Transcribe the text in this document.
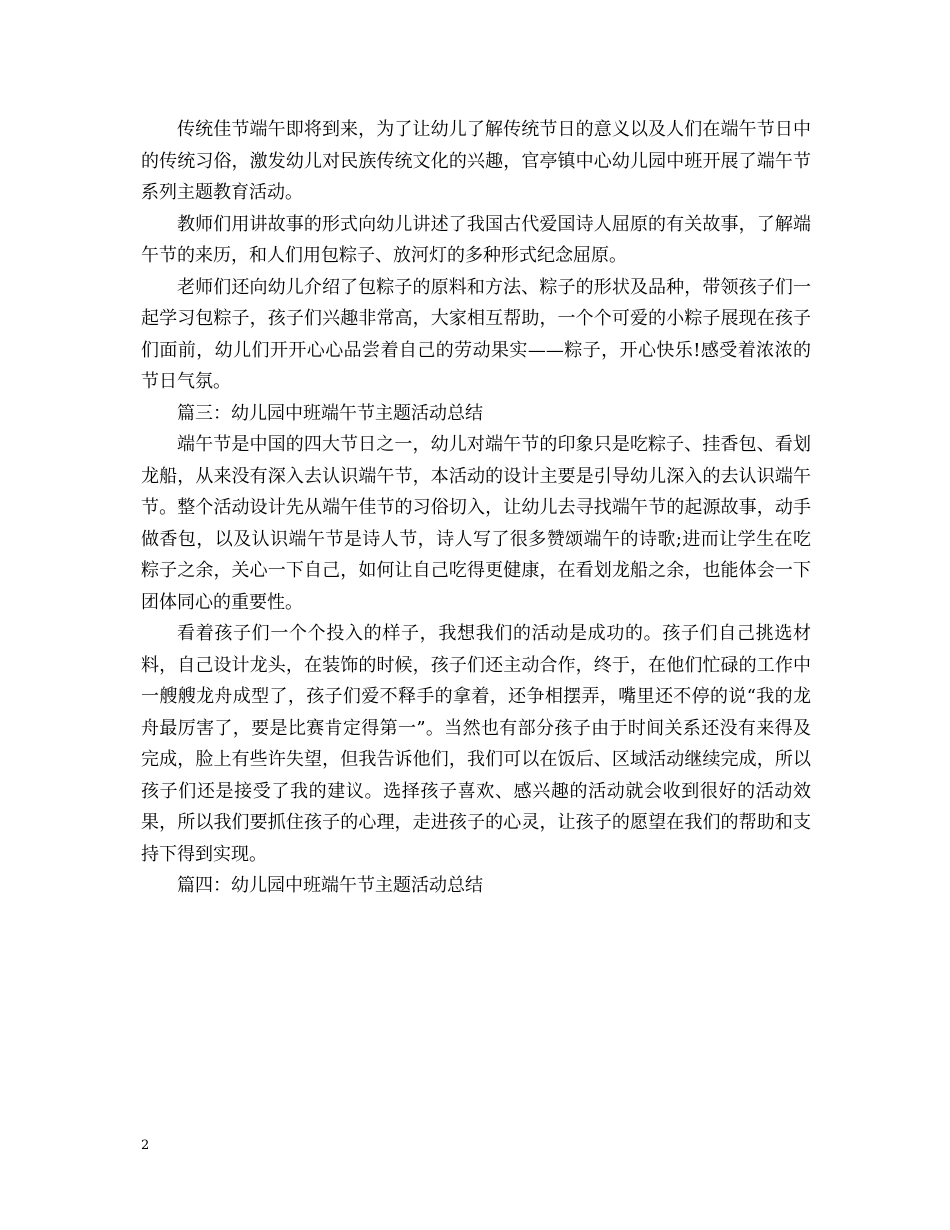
传统佳节端午即将到来，为了让幼儿了解传统节日的意义以及人们在端午节日中的传统习俗，激发幼儿对民族传统文化的兴趣，官亭镇中心幼儿园中班开展了端午节系列主题教育活动。

教师们用讲故事的形式向幼儿讲述了我国古代爱国诗人屈原的有关故事，了解端午节的来历，和人们用包粽子、放河灯的多种形式纪念屈原。

老师们还向幼儿介绍了包粽子的原料和方法、粽子的形状及品种，带领孩子们一起学习包粽子，孩子们兴趣非常高，大家相互帮助，一个个可爱的小粽子展现在孩子们面前，幼儿们开开心心品尝着自己的劳动果实——粽子，开心快乐!感受着浓浓的节日气氛。

篇三：幼儿园中班端午节主题活动总结

端午节是中国的四大节日之一，幼儿对端午节的印象只是吃粽子、挂香包、看划龙船，从来没有深入去认识端午节，本活动的设计主要是引导幼儿深入的去认识端午节。整个活动设计先从端午佳节的习俗切入，让幼儿去寻找端午节的起源故事，动手做香包，以及认识端午节是诗人节，诗人写了很多赞颂端午的诗歌;进而让学生在吃粽子之余，关心一下自己，如何让自己吃得更健康，在看划龙船之余，也能体会一下团体同心的重要性。

看着孩子们一个个投入的样子，我想我们的活动是成功的。孩子们自己挑选材料，自己设计龙头，在装饰的时候，孩子们还主动合作，终于，在他们忙碌的工作中一艘艘龙舟成型了，孩子们爱不释手的拿着，还争相摆弄，嘴里还不停的说“我的龙舟最厉害了，要是比赛肯定得第一”。当然也有部分孩子由于时间关系还没有来得及完成，脸上有些许失望，但我告诉他们，我们可以在饭后、区域活动继续完成，所以孩子们还是接受了我的建议。选择孩子喜欢、感兴趣的活动就会收到很好的活动效果，所以我们要抓住孩子的心理，走进孩子的心灵，让孩子的愿望在我们的帮助和支持下得到实现。

篇四：幼儿园中班端午节主题活动总结

2
